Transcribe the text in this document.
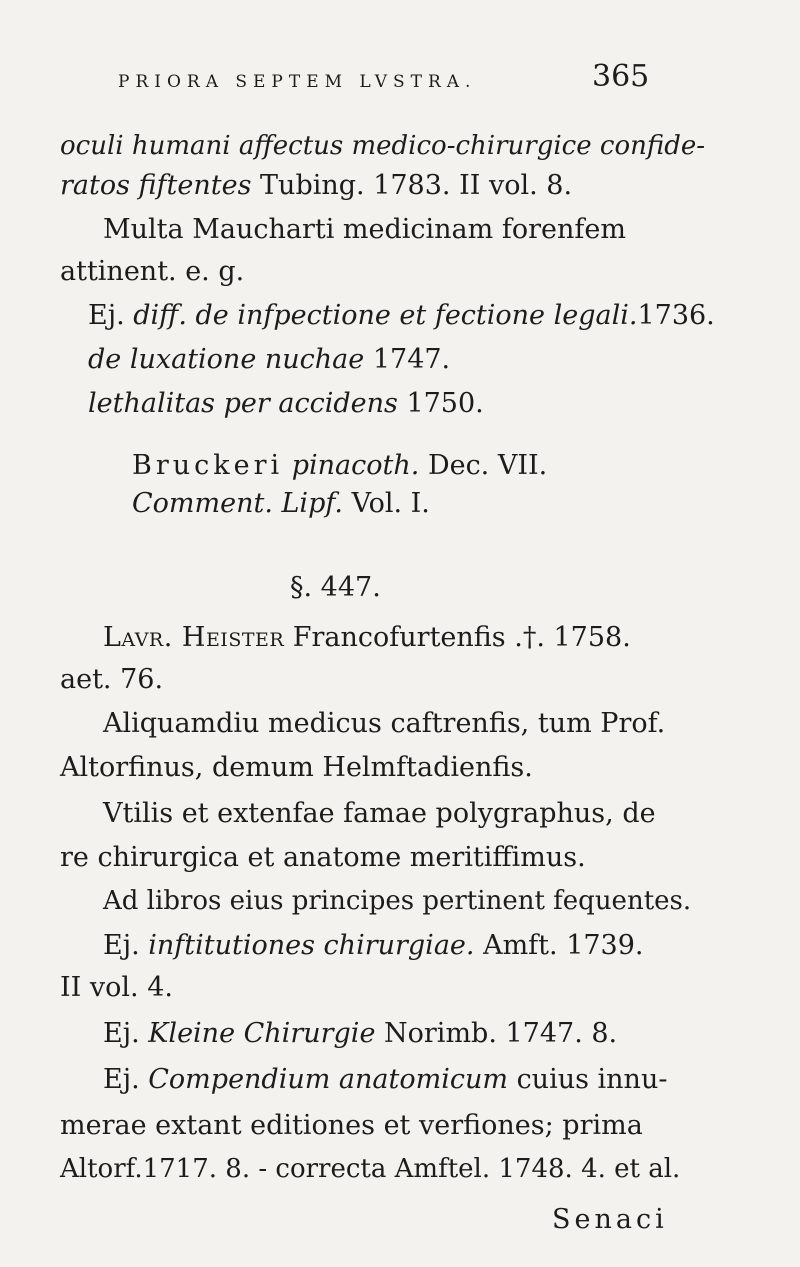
PRIORA SEPTEM LVSTRA.	365
oculi humani affectus medico-chirurgice confide-
ratos fiftentes Tubing. 1783. II vol. 8.
Multa Maucharti medicinam forenfem
attinent. e. g.
Ej. diff. de infpectione et fectione legali.1736.
de luxatione nuchae 1747.
lethalitas per accidens 1750.
Bruckeri pinacoth. Dec. VII.
Comment. Lipf. Vol. I.
§. 447.
Lavr. Heister Francofurtenfis .†. 1758.
aet. 76.
Aliquamdiu medicus caftrenfis, tum Prof.
Altorfinus, demum Helmftadienfis.
Vtilis et extenfae famae polygraphus, de
re chirurgica et anatome meritiffimus.
Ad libros eius principes pertinent fequentes.
Ej. inftitutiones chirurgiae. Amft. 1739.
II vol. 4.
Ej. Kleine Chirurgie Norimb. 1747. 8.
Ej. Compendium anatomicum cuius innu-
merae extant editiones et verfiones; prima
Altorf.1717. 8. - correcta Amftel. 1748. 4. et al.
Senaci
